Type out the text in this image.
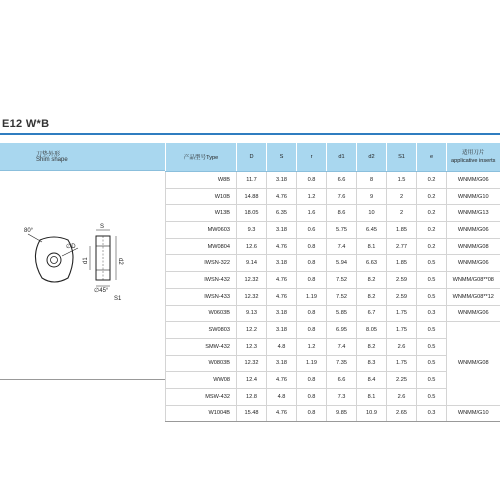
E12 W*B
刀垫外形
Shim shape
80°
∅D
S
d1	d2
∅45°
S1
产品型号Type	D	S	r	d1	d2	S1	e	适用刀片
applicative inserts

W8B	11.7	3.18	0.8	6.6	8	1.5	0.2	WNMM/G06
W10B	14.88	4.76	1.2	7.6	9	2	0.2	WNMM/G10
W13B	18.05	6.35	1.6	8.6	10	2	0.2	WNMM/G13
MW0603	9.3	3.18	0.6	5.75	6.45	1.85	0.2	WNMM/G06
MW0804	12.6	4.76	0.8	7.4	8.1	2.77	0.2	WNMM/G08
IWSN-322	9.14	3.18	0.8	5.94	6.63	1.85	0.5	WNMM/G06
IWSN-432	12.32	4.76	0.8	7.52	8.2	2.59	0.5	WNMM/G08**08
IWSN-433	12.32	4.76	1.19	7.52	8.2	2.59	0.5	WNMM/G08**12
W0603B	9.13	3.18	0.8	5.85	6.7	1.75	0.3	WNMM/G06
SW0803	12.2	3.18	0.8	6.95	8.05	1.75	0.5	WNMM/G08
SMW-432	12.3	4.8	1.2	7.4	8.2	2.6	0.5	
W0803B	12.32	3.18	1.19	7.35	8.3	1.75	0.5	
WW08	12.4	4.76	0.8	6.6	8.4	2.25	0.5	
MSW-432	12.8	4.8	0.8	7.3	8.1	2.6	0.5	
W1004B	15.48	4.76	0.8	9.85	10.9	2.65	0.3	WNMM/G10
